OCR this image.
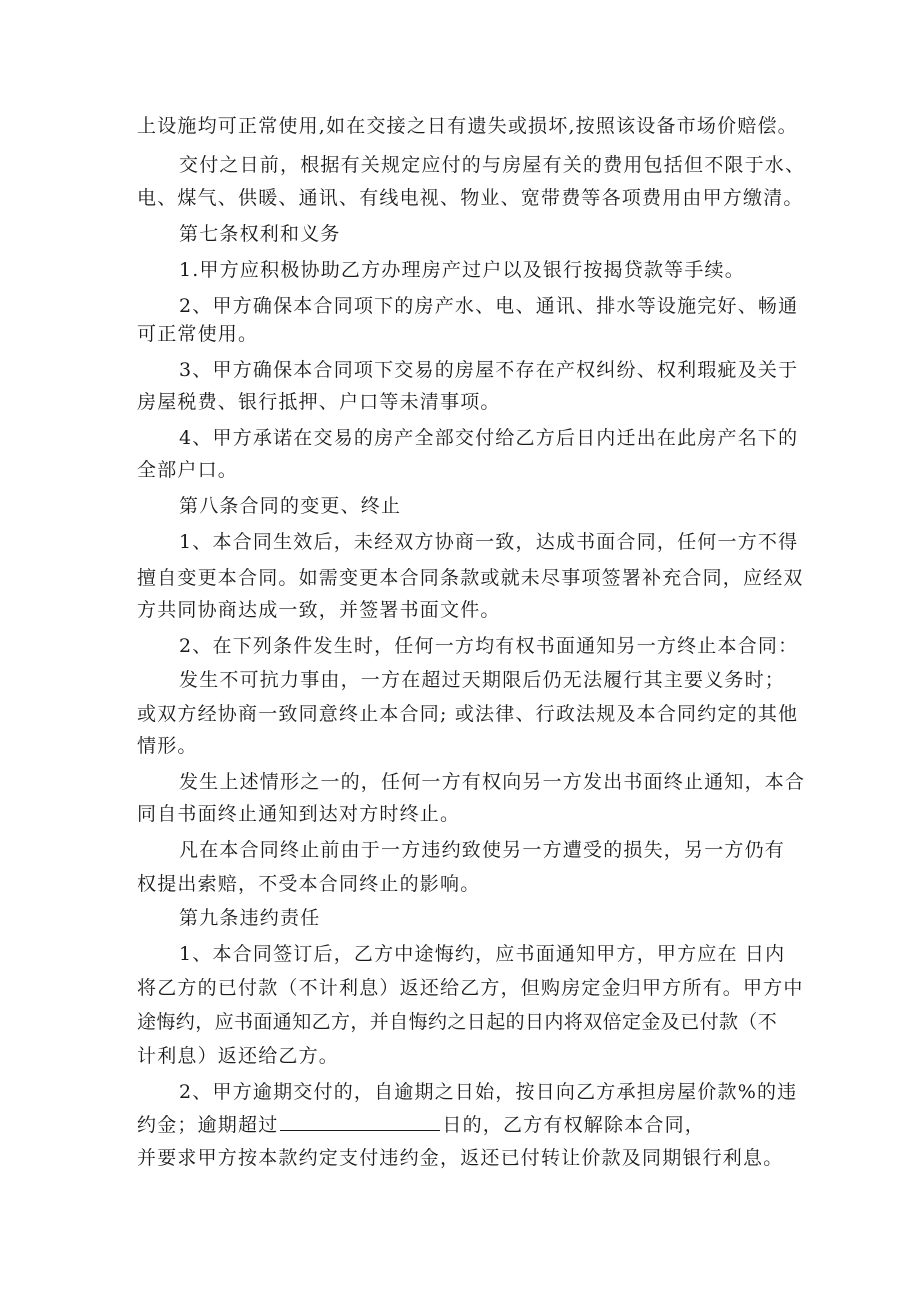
上设施均可正常使用,如在交接之日有遗失或损坏,按照该设备市场价赔偿。
交付之日前，根据有关规定应付的与房屋有关的费用包括但不限于水、
电、煤气、供暖、通讯、有线电视、物业、宽带费等各项费用由甲方缴清。
第七条权利和义务
1.甲方应积极协助乙方办理房产过户以及银行按揭贷款等手续。
2、甲方确保本合同项下的房产水、电、通讯、排水等设施完好、畅通
可正常使用。
3、甲方确保本合同项下交易的房屋不存在产权纠纷、权利瑕疵及关于
房屋税费、银行抵押、户口等未清事项。
4、甲方承诺在交易的房产全部交付给乙方后日内迁出在此房产名下的
全部户口。
第八条合同的变更、终止
1、本合同生效后，未经双方协商一致，达成书面合同，任何一方不得
擅自变更本合同。如需变更本合同条款或就未尽事项签署补充合同，应经双
方共同协商达成一致，并签署书面文件。
2、在下列条件发生时，任何一方均有权书面通知另一方终止本合同：
发生不可抗力事由，一方在超过天期限后仍无法履行其主要义务时；
或双方经协商一致同意终止本合同; 或法律、行政法规及本合同约定的其他
情形。
发生上述情形之一的，任何一方有权向另一方发出书面终止通知，本合
同自书面终止通知到达对方时终止。
凡在本合同终止前由于一方违约致使另一方遭受的损失，另一方仍有
权提出索赔，不受本合同终止的影响。
第九条违约责任
1、本合同签订后，乙方中途悔约，应书面通知甲方，甲方应在 日内
将乙方的已付款（不计利息）返还给乙方，但购房定金归甲方所有。甲方中
途悔约，应书面通知乙方，并自悔约之日起的日内将双倍定金及已付款（不
计利息）返还给乙方。
2、甲方逾期交付的，自逾期之日始，按日向乙方承担房屋价款%的违
约金；逾期超过	日的，乙方有权解除本合同，
并要求甲方按本款约定支付违约金，返还已付转让价款及同期银行利息。
